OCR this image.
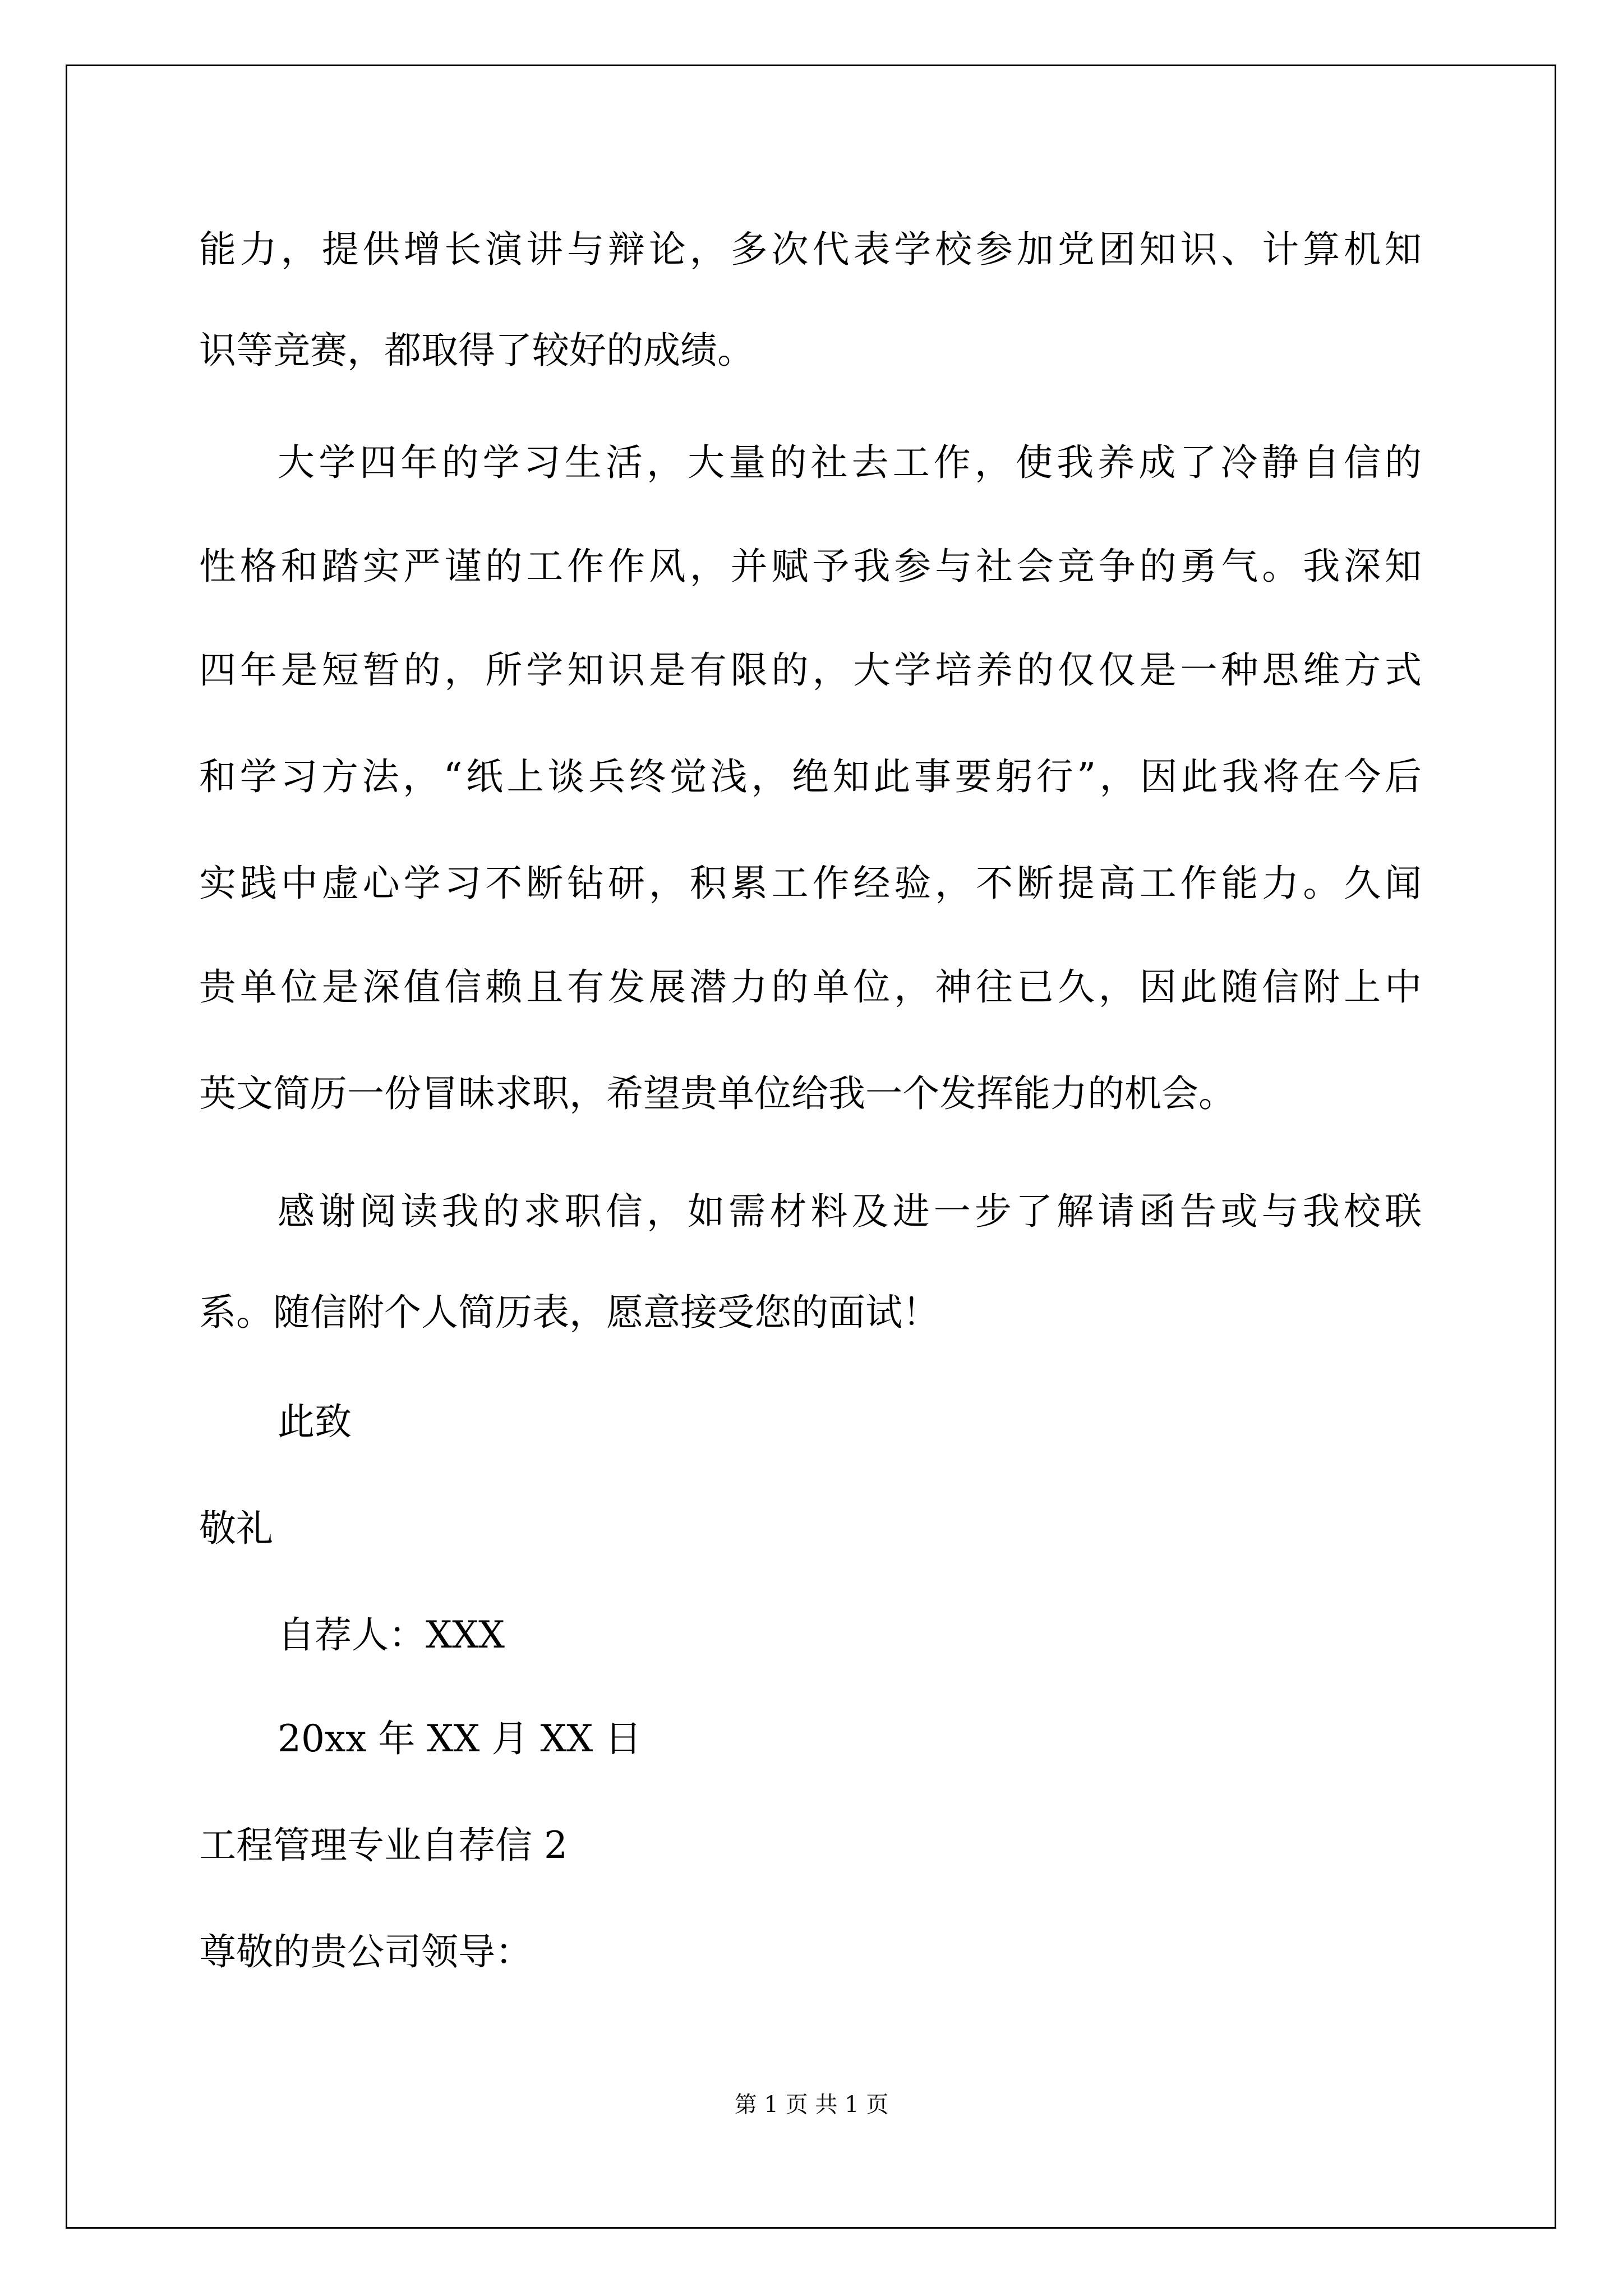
能力，提供增长演讲与辩论，多次代表学校参加党团知识、计算机知
识等竞赛，都取得了较好的成绩。
大学四年的学习生活，大量的社去工作，使我养成了冷静自信的
性格和踏实严谨的工作作风，并赋予我参与社会竞争的勇气。我深知
四年是短暂的，所学知识是有限的，大学培养的仅仅是一种思维方式
和学习方法，“纸上谈兵终觉浅，绝知此事要躬行”，因此我将在今后
实践中虚心学习不断钻研，积累工作经验，不断提高工作能力。久闻
贵单位是深值信赖且有发展潜力的单位，神往已久，因此随信附上中
英文简历一份冒昧求职，希望贵单位给我一个发挥能力的机会。
感谢阅读我的求职信，如需材料及进一步了解请函告或与我校联
系。随信附个人简历表，愿意接受您的面试！
此致
敬礼
自荐人：XXX
20xx 年 XX 月 XX 日
工程管理专业自荐信 2
尊敬的贵公司领导：
第 1 页 共 1 页
